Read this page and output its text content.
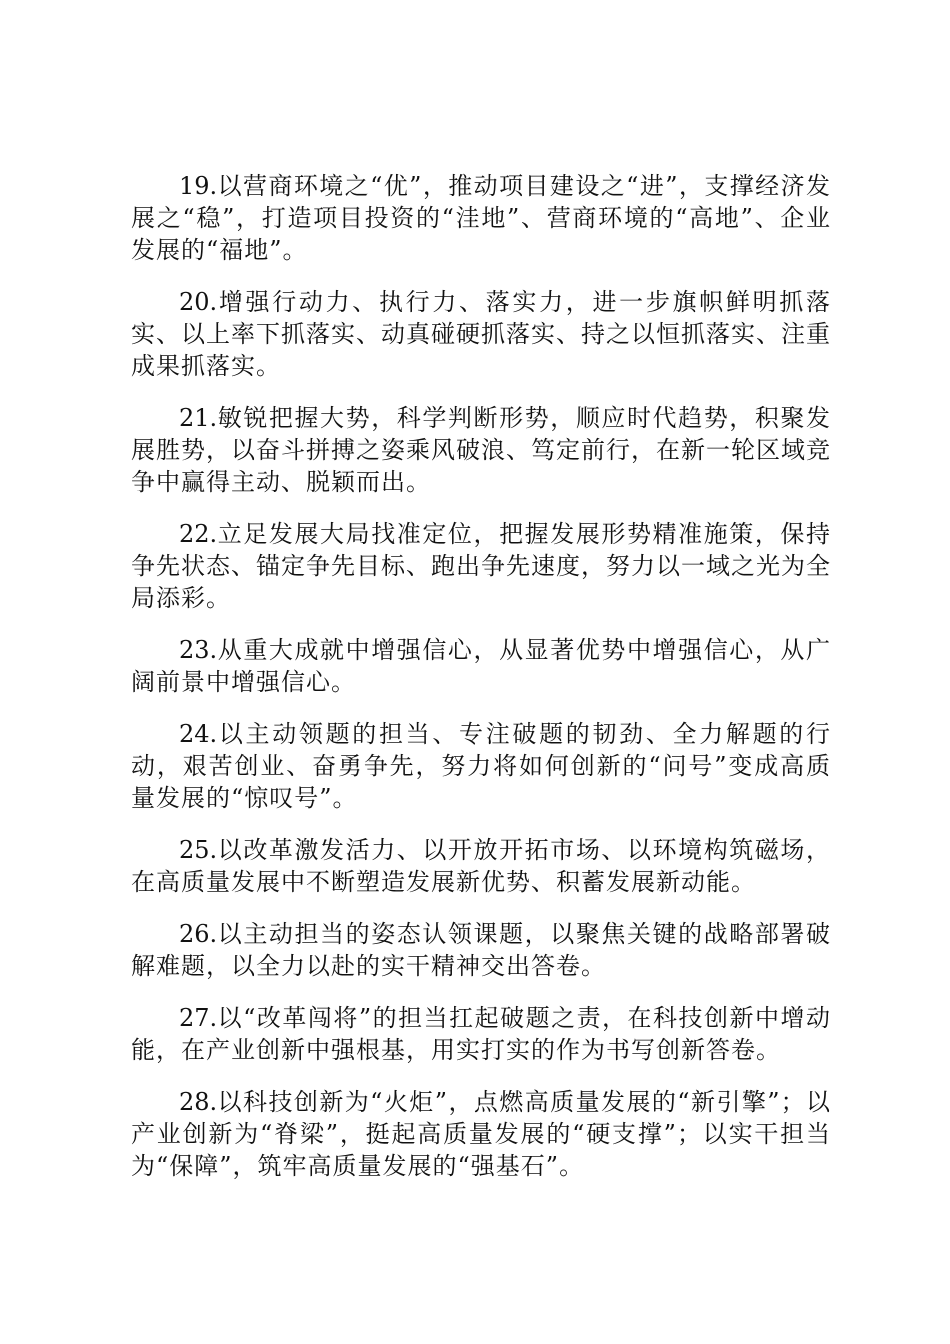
19.以营商环境之“优”，推动项目建设之“进”，支撑经济发展之“稳”，打造项目投资的“洼地”、营商环境的“高地”、企业发展的“福地”。

20.增强行动力、执行力、落实力，进一步旗帜鲜明抓落实、以上率下抓落实、动真碰硬抓落实、持之以恒抓落实、注重成果抓落实。

21.敏锐把握大势，科学判断形势，顺应时代趋势，积聚发展胜势，以奋斗拼搏之姿乘风破浪、笃定前行，在新一轮区域竞争中赢得主动、脱颖而出。

22.立足发展大局找准定位，把握发展形势精准施策，保持争先状态、锚定争先目标、跑出争先速度，努力以一域之光为全局添彩。

23.从重大成就中增强信心，从显著优势中增强信心，从广阔前景中增强信心。

24.以主动领题的担当、专注破题的韧劲、全力解题的行动，艰苦创业、奋勇争先，努力将如何创新的“问号”变成高质量发展的“惊叹号”。

25.以改革激发活力、以开放开拓市场、以环境构筑磁场，在高质量发展中不断塑造发展新优势、积蓄发展新动能。

26.以主动担当的姿态认领课题，以聚焦关键的战略部署破解难题，以全力以赴的实干精神交出答卷。

27.以“改革闯将”的担当扛起破题之责，在科技创新中增动能，在产业创新中强根基，用实打实的作为书写创新答卷。

28.以科技创新为“火炬”，点燃高质量发展的“新引擎”；以产业创新为“脊梁”，挺起高质量发展的“硬支撑”；以实干担当为“保障”，筑牢高质量发展的“强基石”。
